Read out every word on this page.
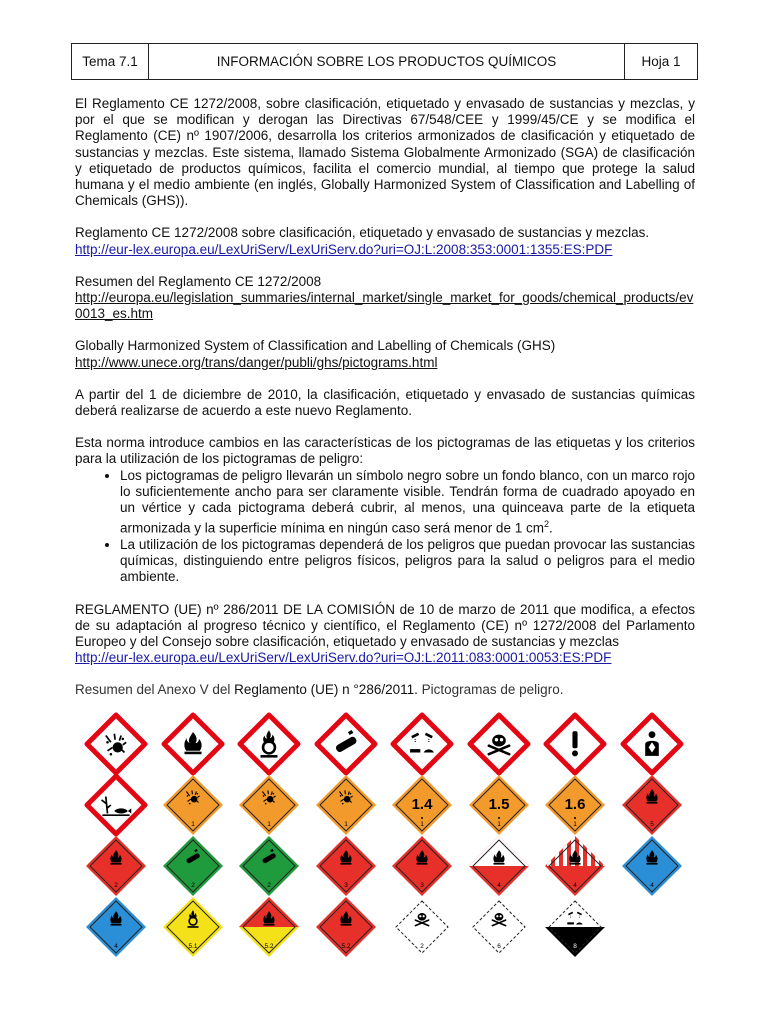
Tema 7.1	INFORMACIÓN SOBRE LOS PRODUCTOS QUÍMICOS	Hoja 1

El Reglamento CE 1272/2008, sobre clasificación, etiquetado y envasado de sustancias y mezclas, y por el que se modifican y derogan las Directivas 67/548/CEE y 1999/45/CE y se modifica el Reglamento (CE) nº 1907/2006, desarrolla los criterios armonizados de clasificación y etiquetado de sustancias y mezclas. Este sistema, llamado Sistema Globalmente Armonizado (SGA) de clasificación y etiquetado de productos químicos, facilita el comercio mundial, al tiempo que protege la salud humana y el medio ambiente (en inglés, Globally Harmonized System of Classification and Labelling of Chemicals (GHS)).

Reglamento CE 1272/2008 sobre clasificación, etiquetado y envasado de sustancias y mezclas.
http://eur-lex.europa.eu/LexUriServ/LexUriServ.do?uri=OJ:L:2008:353:0001:1355:ES:PDF

Resumen del Reglamento CE 1272/2008
http://europa.eu/legislation_summaries/internal_market/single_market_for_goods/chemical_products/ev0013_es.htm

Globally Harmonized System of Classification and Labelling of Chemicals (GHS)
http://www.unece.org/trans/danger/publi/ghs/pictograms.html

A partir del 1 de diciembre de 2010, la clasificación, etiquetado y envasado de sustancias químicas deberá realizarse de acuerdo a este nuevo Reglamento.

Esta norma introduce cambios en las características de los pictogramas de las etiquetas y los criterios para la utilización de los pictogramas de peligro:

• Los pictogramas de peligro llevarán un símbolo negro sobre un fondo blanco, con un marco rojo lo suficientemente ancho para ser claramente visible. Tendrán forma de cuadrado apoyado en un vértice y cada pictograma deberá cubrir, al menos, una quinceava parte de la etiqueta armonizada y la superficie mínima en ningún caso será menor de 1 $cm^2$.
• La utilización de los pictogramas dependerá de los peligros que puedan provocar las sustancias químicas, distinguiendo entre peligros físicos, peligros para la salud o peligros para el medio ambiente.

REGLAMENTO (UE) nº 286/2011 DE LA COMISIÓN de 10 de marzo de 2011 que modifica, a efectos de su adaptación al progreso técnico y científico, el Reglamento (CE) nº 1272/2008 del Parlamento Europeo y del Consejo sobre clasificación, etiquetado y envasado de sustancias y mezclas
http://eur-lex.europa.eu/LexUriServ/LexUriServ.do?uri=OJ:L:2011:083:0001:0053:ES:PDF

Resumen del Anexo V del Reglamento (UE) n °286/2011. Pictogramas de peligro.
1	1	1
1.4
1
1.5
1
1.6
1	5
2	2	2	3	3	4	4	4
4	5.1	5.2	5.2	2	6	8
